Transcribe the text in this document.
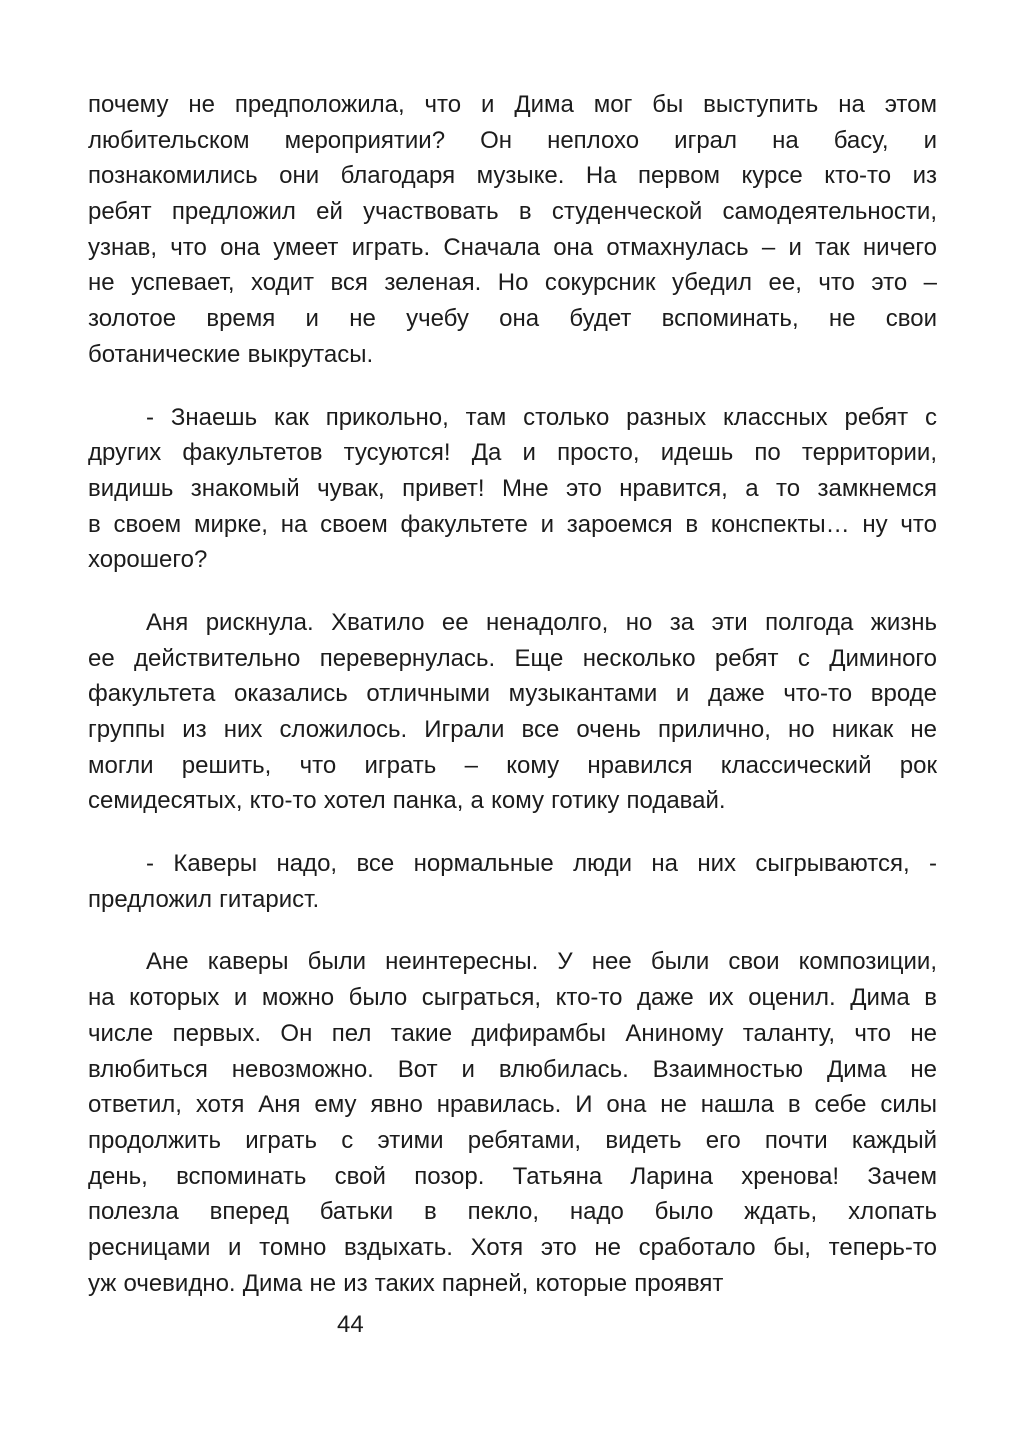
почему не предположила, что и Дима мог бы выступить на этом
любительском мероприятии? Он неплохо играл на басу, и
познакомились они благодаря музыке. На первом курсе кто-то из
ребят предложил ей участвовать в студенческой самодеятельности,
узнав, что она умеет играть. Сначала она отмахнулась – и так ничего
не успевает, ходит вся зеленая. Но сокурсник убедил ее, что это –
золотое время и не учебу она будет вспоминать, не свои
ботанические выкрутасы.

- Знаешь как прикольно, там столько разных классных ребят с
других факультетов тусуются! Да и просто, идешь по территории,
видишь знакомый чувак, привет! Мне это нравится, а то замкнемся
в своем мирке, на своем факультете и зароемся в конспекты… ну что
хорошего?

Аня рискнула. Хватило ее ненадолго, но за эти полгода жизнь
ее действительно перевернулась. Еще несколько ребят с Диминого
факультета оказались отличными музыкантами и даже что-то вроде
группы из них сложилось. Играли все очень прилично, но никак не
могли решить, что играть – кому нравился классический рок
семидесятых, кто-то хотел панка, а кому готику подавай.

- Каверы надо, все нормальные люди на них сыгрываются, -
предложил гитарист.

Ане каверы были неинтересны. У нее были свои композиции,
на которых и можно было сыграться, кто-то даже их оценил. Дима в
числе первых. Он пел такие дифирамбы Аниному таланту, что не
влюбиться невозможно. Вот и влюбилась. Взаимностью Дима не
ответил, хотя Аня ему явно нравилась. И она не нашла в себе силы
продолжить играть с этими ребятами, видеть его почти каждый
день, вспоминать свой позор. Татьяна Ларина хренова! Зачем
полезла вперед батьки в пекло, надо было ждать, хлопать
ресницами и томно вздыхать. Хотя это не сработало бы, теперь-то
уж очевидно. Дима не из таких парней, которые проявят

44
